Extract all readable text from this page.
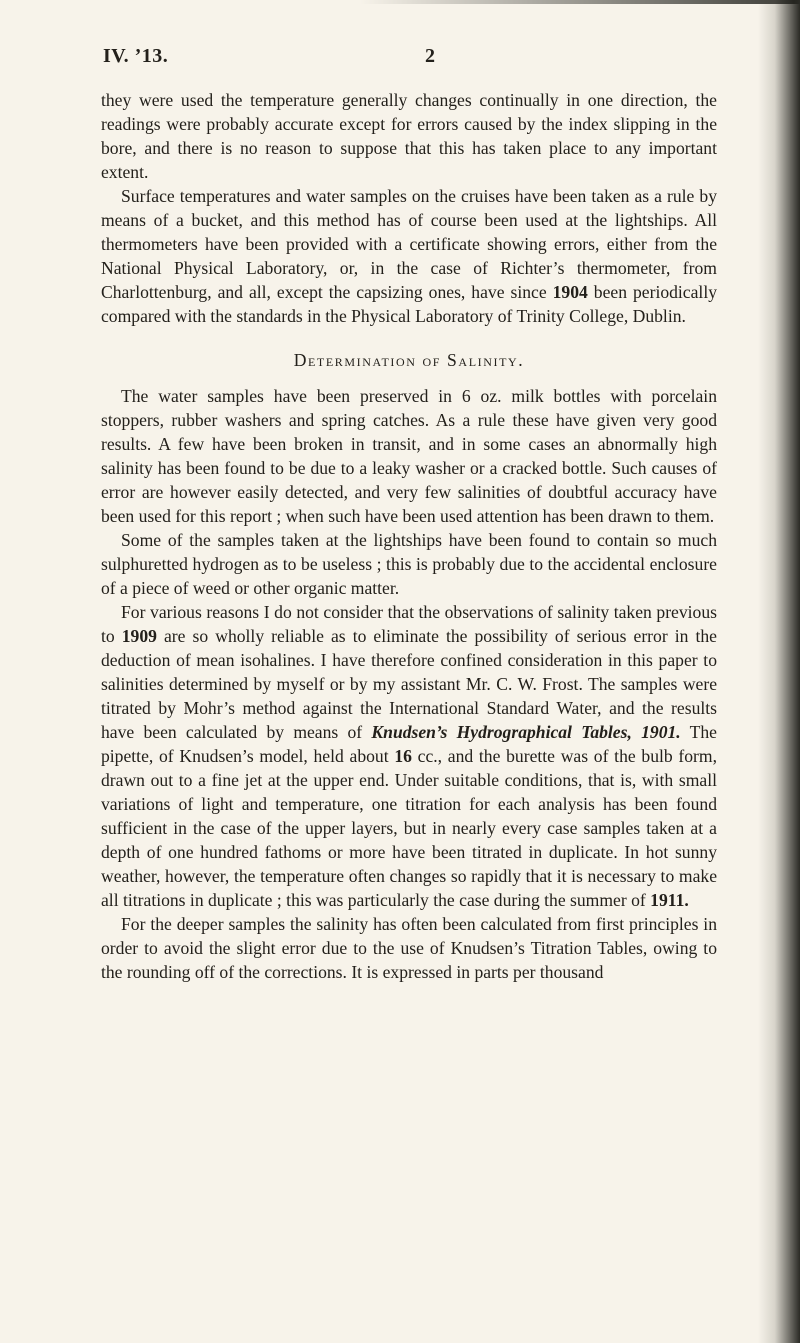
IV. ’13.	2

they were used the temperature generally changes continually in one direction, the readings were probably accurate except for errors caused by the index slipping in the bore, and there is no reason to suppose that this has taken place to any important extent.

Surface temperatures and water samples on the cruises have been taken as a rule by means of a bucket, and this method has of course been used at the lightships. All thermometers have been provided with a certificate showing errors, either from the National Physical Laboratory, or, in the case of Richter’s thermometer, from Charlottenburg, and all, except the capsizing ones, have since 1904 been periodically compared with the standards in the Physical Laboratory of Trinity College, Dublin.

Determination of Salinity.

The water samples have been preserved in 6 oz. milk bottles with porcelain stoppers, rubber washers and spring catches. As a rule these have given very good results. A few have been broken in transit, and in some cases an abnormally high salinity has been found to be due to a leaky washer or a cracked bottle. Such causes of error are however easily detected, and very few salinities of doubtful accuracy have been used for this report ; when such have been used attention has been drawn to them.

Some of the samples taken at the lightships have been found to contain so much sulphuretted hydrogen as to be useless ; this is probably due to the accidental enclosure of a piece of weed or other organic matter.

For various reasons I do not consider that the observations of salinity taken previous to 1909 are so wholly reliable as to eliminate the possibility of serious error in the deduction of mean isohalines. I have therefore confined consideration in this paper to salinities determined by myself or by my assistant Mr. C. W. Frost. The samples were titrated by Mohr’s method against the International Standard Water, and the results have been calculated by means of Knudsen’s Hydrographical Tables, 1901. The pipette, of Knudsen’s model, held about 16 cc., and the burette was of the bulb form, drawn out to a fine jet at the upper end. Under suitable conditions, that is, with small variations of light and temperature, one titration for each analysis has been found sufficient in the case of the upper layers, but in nearly every case samples taken at a depth of one hundred fathoms or more have been titrated in duplicate. In hot sunny weather, however, the temperature often changes so rapidly that it is necessary to make all titrations in duplicate ; this was particularly the case during the summer of 1911.

For the deeper samples the salinity has often been calculated from first principles in order to avoid the slight error due to the use of Knudsen’s Titration Tables, owing to the rounding off of the corrections. It is expressed in parts per thousand
